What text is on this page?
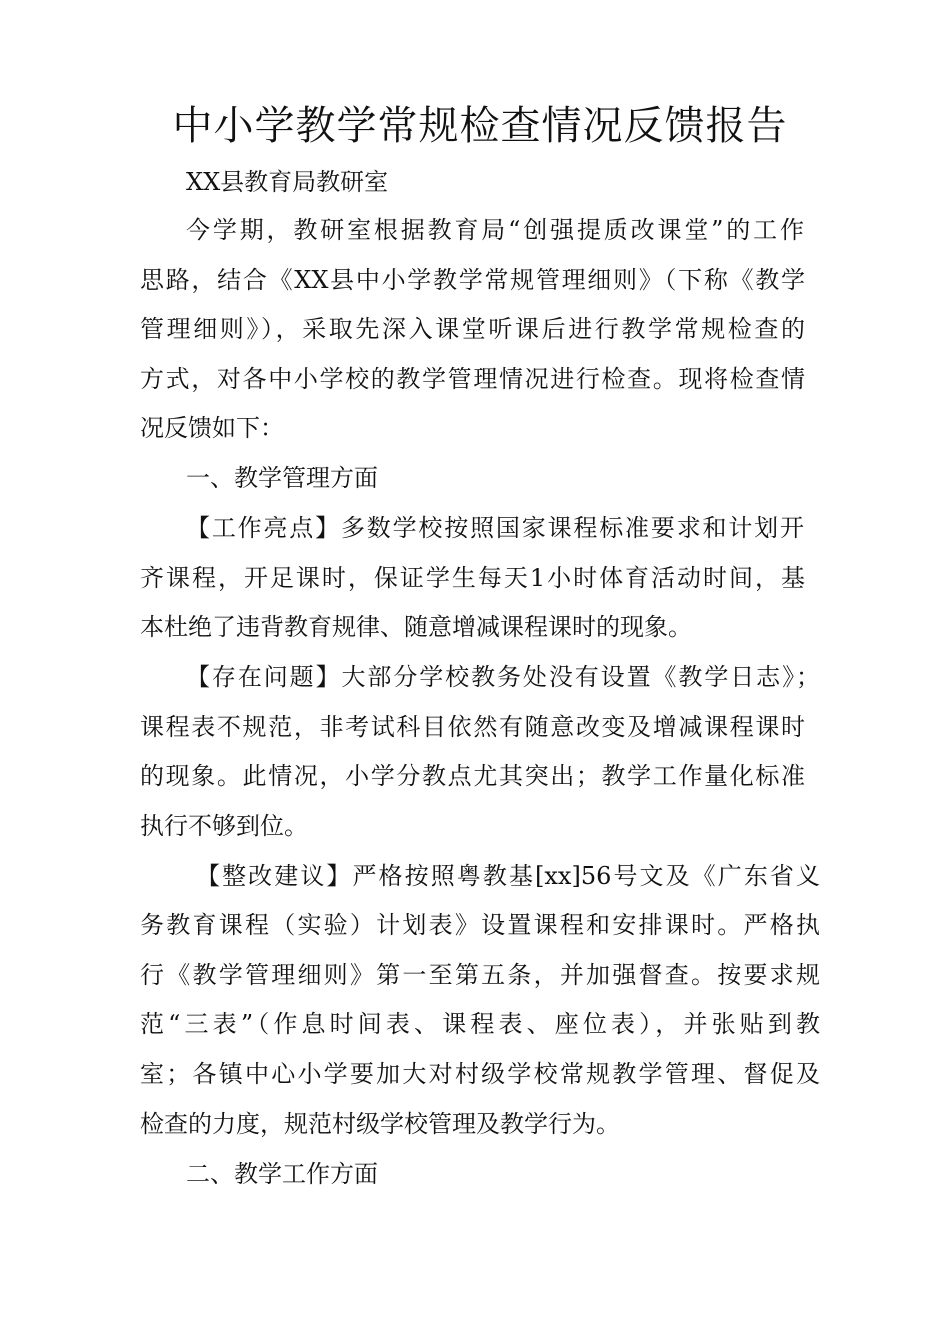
中小学教学常规检查情况反馈报告
XX县教育局教研室
今学期，教研室根据教育局“创强提质改课堂”的工作
思路，结合《XX县中小学教学常规管理细则》（下称《教学
管理细则》），采取先深入课堂听课后进行教学常规检查的
方式，对各中小学校的教学管理情况进行检查。现将检查情
况反馈如下：
一、教学管理方面
【工作亮点】多数学校按照国家课程标准要求和计划开
齐课程，开足课时，保证学生每天1小时体育活动时间，基
本杜绝了违背教育规律、随意增减课程课时的现象。
【存在问题】大部分学校教务处没有设置《教学日志》；
课程表不规范，非考试科目依然有随意改变及增减课程课时
的现象。此情况，小学分教点尤其突出；教学工作量化标准
执行不够到位。
【整改建议】严格按照粤教基[xx]56号文及《广东省义
务教育课程（实验）计划表》设置课程和安排课时。严格执
行《教学管理细则》第一至第五条，并加强督查。按要求规
范“三表”（作息时间表、课程表、座位表），并张贴到教
室；各镇中心小学要加大对村级学校常规教学管理、督促及
检查的力度，规范村级学校管理及教学行为。
二、教学工作方面
